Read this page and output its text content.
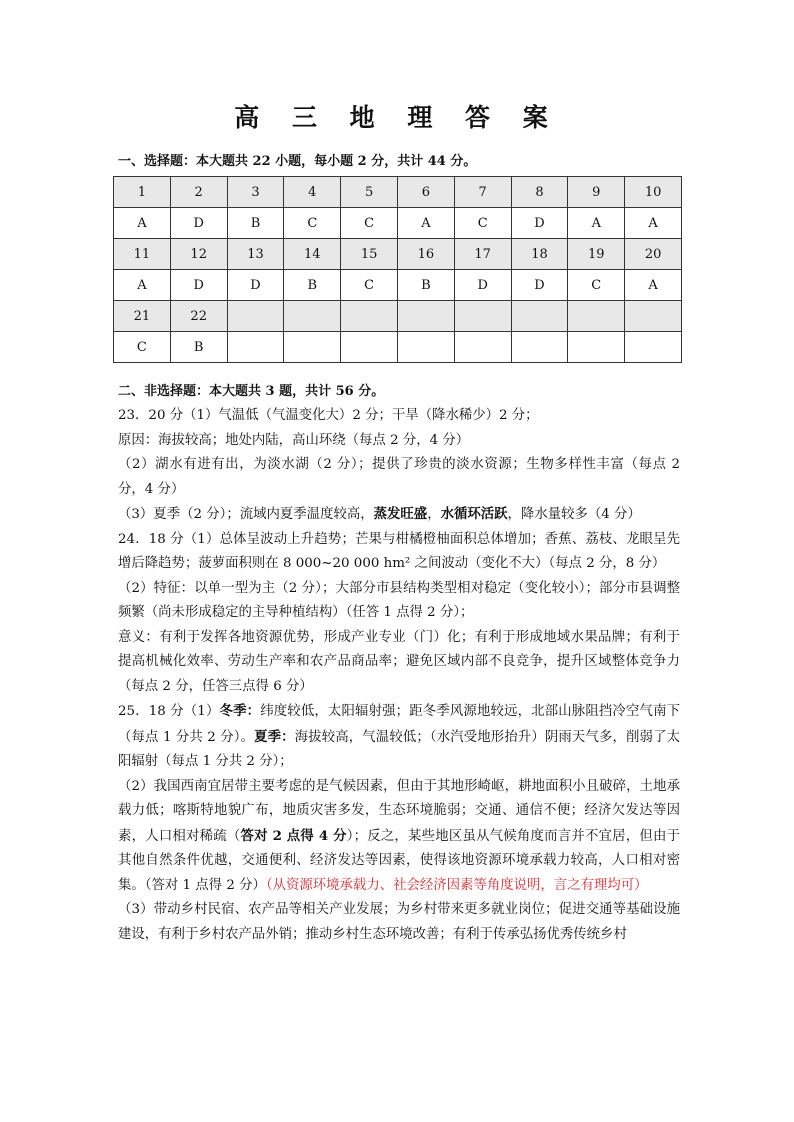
高 三 地 理 答 案
一、选择题：本大题共 22 小题，每小题 2 分，共计 44 分。
1	2	3	4	5	6	7	8	9	10
A	D	B	C	C	A	C	D	A	A
11	12	13	14	15	16	17	18	19	20
A	D	D	B	C	B	D	D	C	A
21	22								
C	B								
二、非选择题：本大题共 3 题，共计 56 分。

23．20 分（1）气温低（气温变化大）2 分；干旱（降水稀少）2 分；

原因：海拔较高；地处内陆，高山环绕（每点 2 分，4 分）

（2）湖水有进有出，为淡水湖（2 分）；提供了珍贵的淡水资源；生物多样性丰富（每点 2 分，4 分）

（3）夏季（2 分）；流域内夏季温度较高，蒸发旺盛，水循环活跃，降水量较多（4 分）

24．18 分（1）总体呈波动上升趋势；芒果与柑橘橙柚面积总体增加；香蕉、荔枝、龙眼呈先增后降趋势；菠萝面积则在 8 000~20 000 hm² 之间波动（变化不大）（每点 2 分，8 分）

（2）特征：以单一型为主（2 分）；大部分市县结构类型相对稳定（变化较小）；部分市县调整频繁（尚未形成稳定的主导种植结构）（任答 1 点得 2 分）；

意义：有利于发挥各地资源优势，形成产业专业（门）化；有利于形成地域水果品牌；有利于提高机械化效率、劳动生产率和农产品商品率；避免区域内部不良竞争，提升区域整体竞争力（每点 2 分，任答三点得 6 分）

25．18 分（1）冬季：纬度较低，太阳辐射强；距冬季风源地较远，北部山脉阻挡冷空气南下（每点 1 分共 2 分）。夏季：海拔较高，气温较低；（水汽受地形抬升）阴雨天气多，削弱了太阳辐射（每点 1 分共 2 分）；

（2）我国西南宜居带主要考虑的是气候因素，但由于其地形崎岖，耕地面积小且破碎，土地承载力低；喀斯特地貌广布，地质灾害多发，生态环境脆弱；交通、通信不便；经济欠发达等因素，人口相对稀疏（答对 2 点得 4 分）；反之，某些地区虽从气候角度而言并不宜居，但由于其他自然条件优越，交通便利、经济发达等因素，使得该地资源环境承载力较高，人口相对密集。（答对 1 点得 2 分）（从资源环境承载力、社会经济因素等角度说明，言之有理均可）

（3）带动乡村民宿、农产品等相关产业发展；为乡村带来更多就业岗位；促进交通等基础设施建设，有利于乡村农产品外销；推动乡村生态环境改善；有利于传承弘扬优秀传统乡村
